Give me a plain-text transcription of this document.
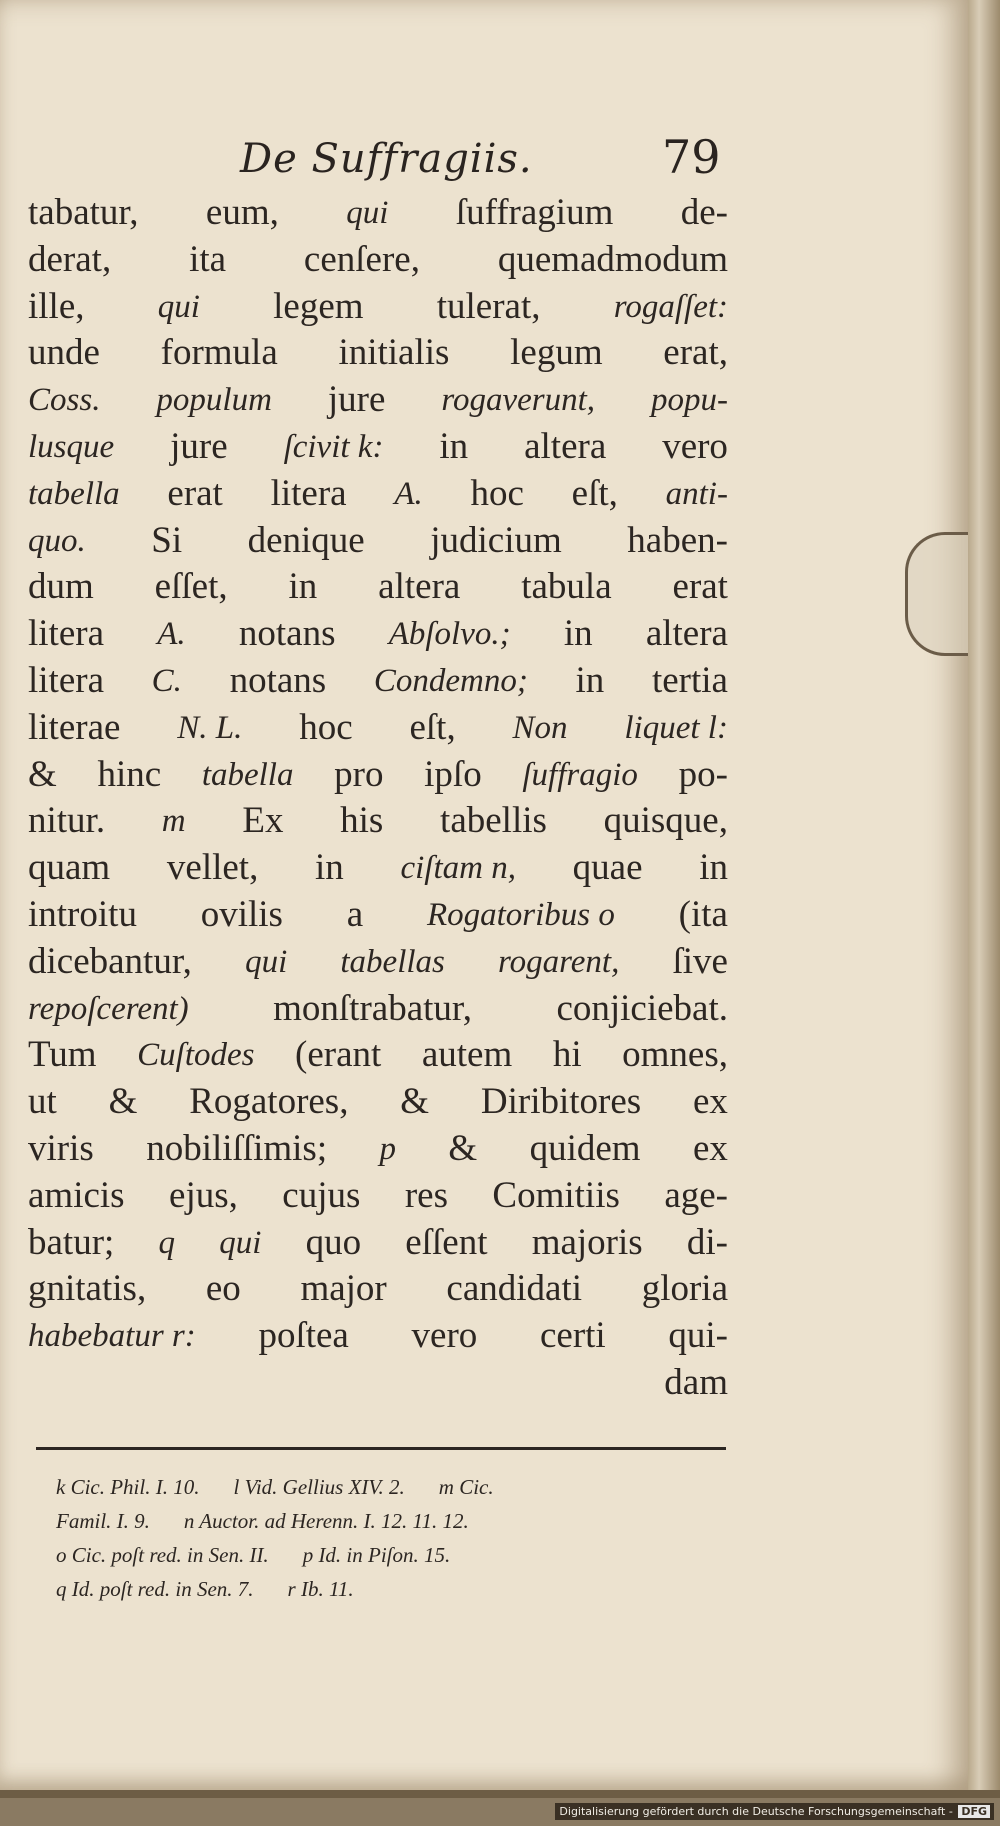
De Suffragiis.	79
tabatur, eum, qui ſuffragium de-
derat, ita cenſere, quemadmodum
ille, qui legem tulerat, rogaſſet:
unde formula initialis legum erat,
Coss. populum jure rogaverunt, popu-
lusque jure ſcivit k: in altera vero
tabella erat litera A. hoc eſt, anti-
quo. Si denique judicium haben-
dum eſſet, in altera tabula erat
litera A. notans Abſolvo.; in altera
litera C. notans Condemno; in tertia
literae N. L. hoc eſt, Non liquet l:
& hinc tabella pro ipſo ſuffragio po-
nitur. m Ex his tabellis quisque,
quam vellet, in ciſtam n, quae in
introitu ovilis a Rogatoribus o (ita
dicebantur, qui tabellas rogarent, ſive
repoſcerent) monſtrabatur, conjiciebat.
Tum Cuſtodes (erant autem hi omnes,
ut & Rogatores, & Diribitores ex
viris nobiliſſimis; p & quidem ex
amicis ejus, cujus res Comitiis age-
batur; q qui quo eſſent majoris di-
gnitatis, eo major candidati gloria
habebatur r: poſtea vero certi qui-
dam
k Cic. Phil. I. 10. l Vid. Gellius XIV. 2. m Cic.
Famil. I. 9. n Auctor. ad Herenn. I. 12. 11. 12.
o Cic. poſt red. in Sen. II. p Id. in Piſon. 15.
q Id. poſt red. in Sen. 7. r Ib. 11.
Digitalisierung gefördert durch die Deutsche Forschungsgemeinschaft - DFG
